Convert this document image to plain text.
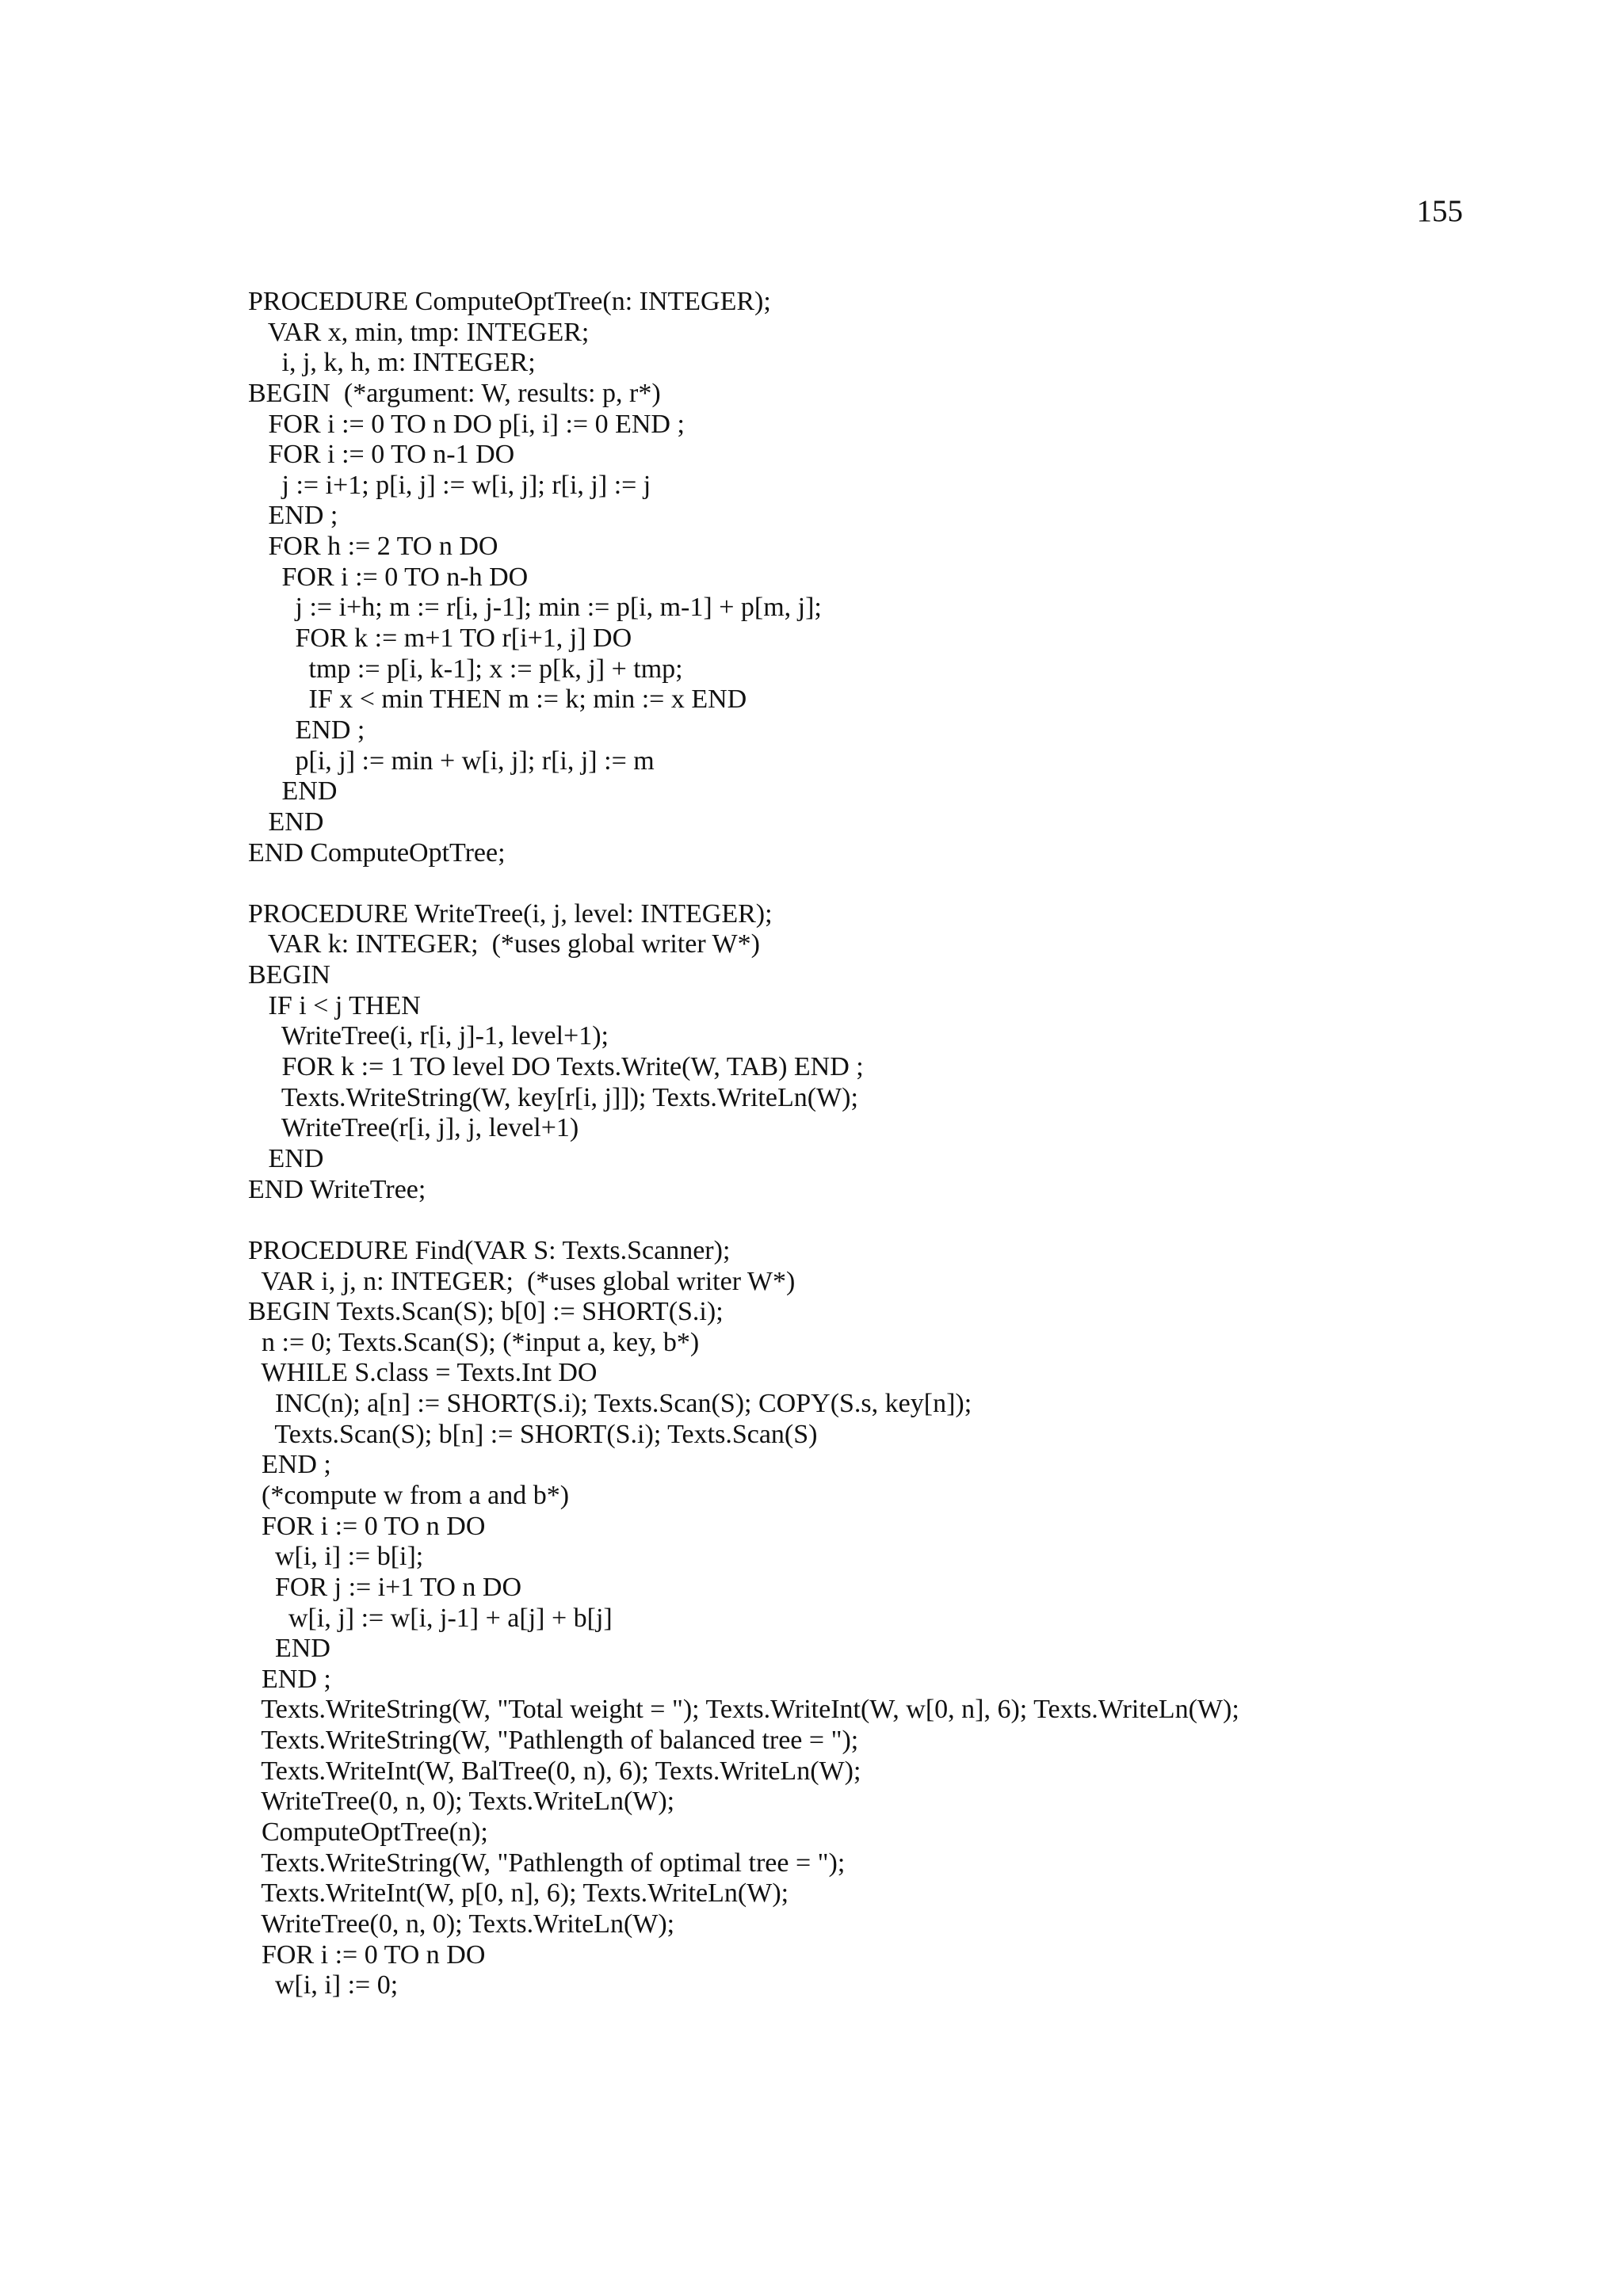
155
PROCEDURE ComputeOptTree(n: INTEGER);
VAR x, min, tmp: INTEGER;
i, j, k, h, m: INTEGER;
BEGIN  (*argument: W, results: p, r*)
FOR i := 0 TO n DO p[i, i] := 0 END ;
FOR i := 0 TO n-1 DO
j := i+1; p[i, j] := w[i, j]; r[i, j] := j
END ;
FOR h := 2 TO n DO
FOR i := 0 TO n-h DO
j := i+h; m := r[i, j-1]; min := p[i, m-1] + p[m, j];
FOR k := m+1 TO r[i+1, j] DO
tmp := p[i, k-1]; x := p[k, j] + tmp;
IF x < min THEN m := k; min := x END
END ;
p[i, j] := min + w[i, j]; r[i, j] := m
END
END
END ComputeOptTree;
PROCEDURE WriteTree(i, j, level: INTEGER);
VAR k: INTEGER;  (*uses global writer W*)
BEGIN
IF i < j THEN
WriteTree(i, r[i, j]-1, level+1);
FOR k := 1 TO level DO Texts.Write(W, TAB) END ;
Texts.WriteString(W, key[r[i, j]]); Texts.WriteLn(W);
WriteTree(r[i, j], j, level+1)
END
END WriteTree;
PROCEDURE Find(VAR S: Texts.Scanner);
VAR i, j, n: INTEGER;  (*uses global writer W*)
BEGIN Texts.Scan(S); b[0] := SHORT(S.i);
n := 0; Texts.Scan(S); (*input a, key, b*)
WHILE S.class = Texts.Int DO
INC(n); a[n] := SHORT(S.i); Texts.Scan(S); COPY(S.s, key[n]);
Texts.Scan(S); b[n] := SHORT(S.i); Texts.Scan(S)
END ;
(*compute w from a and b*)
FOR i := 0 TO n DO
w[i, i] := b[i];
FOR j := i+1 TO n DO
w[i, j] := w[i, j-1] + a[j] + b[j]
END
END ;
Texts.WriteString(W, "Total weight = "); Texts.WriteInt(W, w[0, n], 6); Texts.WriteLn(W);
Texts.WriteString(W, "Pathlength of balanced tree = ");
Texts.WriteInt(W, BalTree(0, n), 6); Texts.WriteLn(W);
WriteTree(0, n, 0); Texts.WriteLn(W);
ComputeOptTree(n);
Texts.WriteString(W, "Pathlength of optimal tree = ");
Texts.WriteInt(W, p[0, n], 6); Texts.WriteLn(W);
WriteTree(0, n, 0); Texts.WriteLn(W);
FOR i := 0 TO n DO
w[i, i] := 0;
